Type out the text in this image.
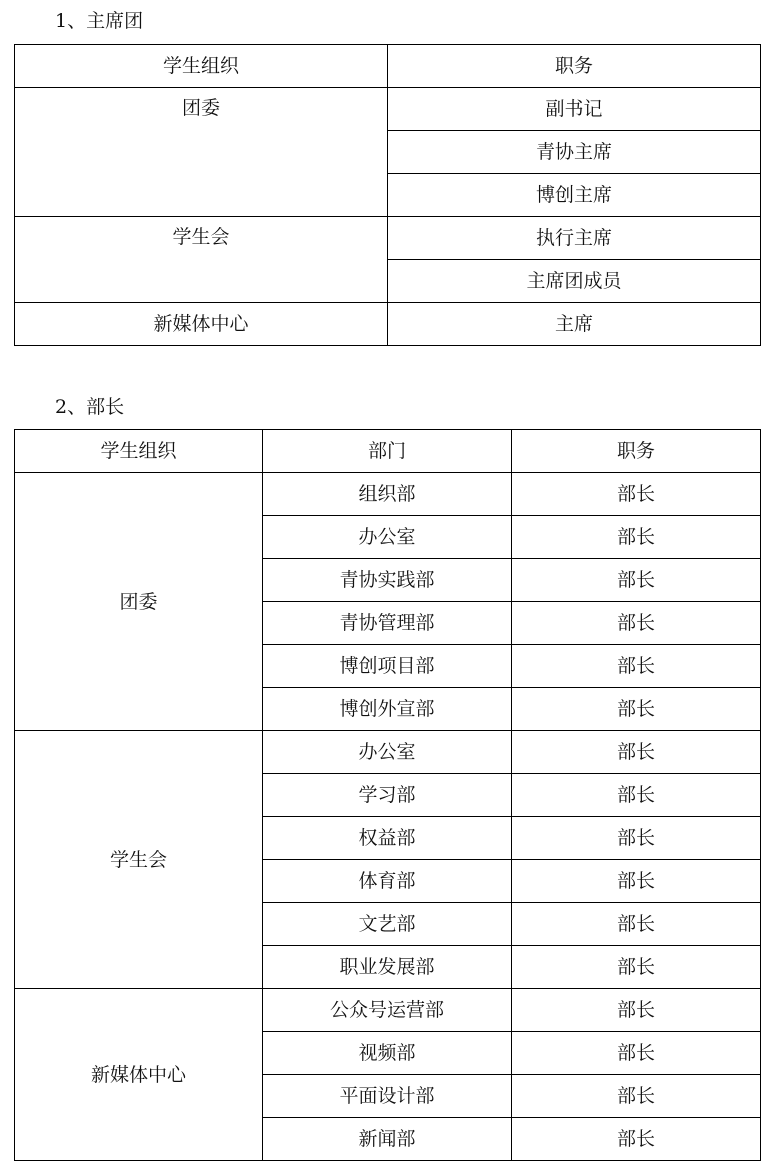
1、主席团
学生组织	职务
团委	副书记
	青协主席
	博创主席
学生会	执行主席
	主席团成员
新媒体中心	主席
2、部长
学生组织	部门	职务
团委	组织部	部长
	办公室	部长
	青协实践部	部长
	青协管理部	部长
	博创项目部	部长
	博创外宣部	部长
学生会	办公室	部长
	学习部	部长
	权益部	部长
	体育部	部长
	文艺部	部长
	职业发展部	部长
新媒体中心	公众号运营部	部长
	视频部	部长
	平面设计部	部长
	新闻部	部长
